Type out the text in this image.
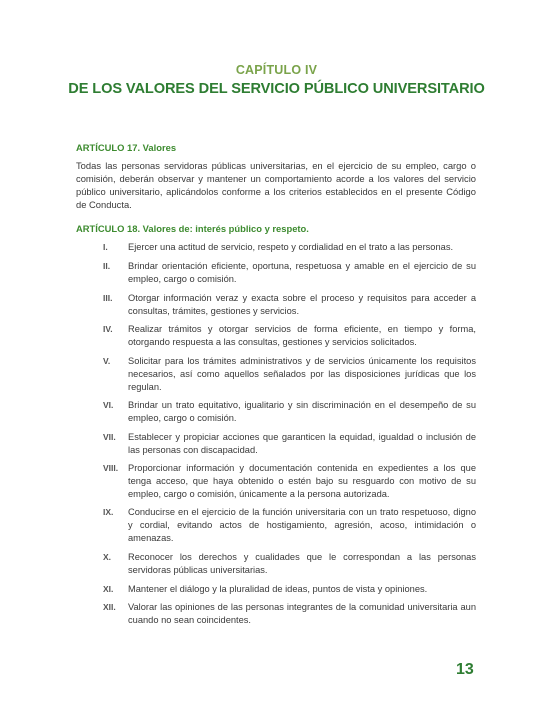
CAPÍTULO IV
DE LOS VALORES DEL SERVICIO PÚBLICO UNIVERSITARIO
ARTÍCULO 17. Valores
Todas las personas servidoras públicas universitarias, en el ejercicio de su empleo, cargo o comisión, deberán observar y mantener un comportamiento acorde a los valores del servicio público universitario, aplicándolos conforme a los criterios establecidos en el presente Código de Conducta.
ARTÍCULO 18. Valores de: interés público y respeto.
I. Ejercer una actitud de servicio, respeto y cordialidad en el trato a las personas.
II. Brindar orientación eficiente, oportuna, respetuosa y amable en el ejercicio de su empleo, cargo o comisión.
III. Otorgar información veraz y exacta sobre el proceso y requisitos para acceder a consultas, trámites, gestiones y servicios.
IV. Realizar trámitos y otorgar servicios de forma eficiente, en tiempo y forma, otorgando respuesta a las consultas, gestiones y servicios solicitados.
V. Solicitar para los trámites administrativos y de servicios únicamente los requisitos necesarios, así como aquellos señalados por las disposiciones jurídicas que los regulan.
VI. Brindar un trato equitativo, igualitario y sin discriminación en el desempeño de su empleo, cargo o comisión.
VII. Establecer y propiciar acciones que garanticen la equidad, igualdad o inclusión de las personas con discapacidad.
VIII. Proporcionar información y documentación contenida en expedientes a los que tenga acceso, que haya obtenido o estén bajo su resguardo con motivo de su empleo, cargo o comisión, únicamente a la persona autorizada.
IX. Conducirse en el ejercicio de la función universitaria con un trato respetuoso, digno y cordial, evitando actos de hostigamiento, agresión, acoso, intimidación o amenazas.
X. Reconocer los derechos y cualidades que le correspondan a las personas servidoras públicas universitarias.
XI. Mantener el diálogo y la pluralidad de ideas, puntos de vista y opiniones.
XII. Valorar las opiniones de las personas integrantes de la comunidad universitaria aun cuando no sean coincidentes.
13
